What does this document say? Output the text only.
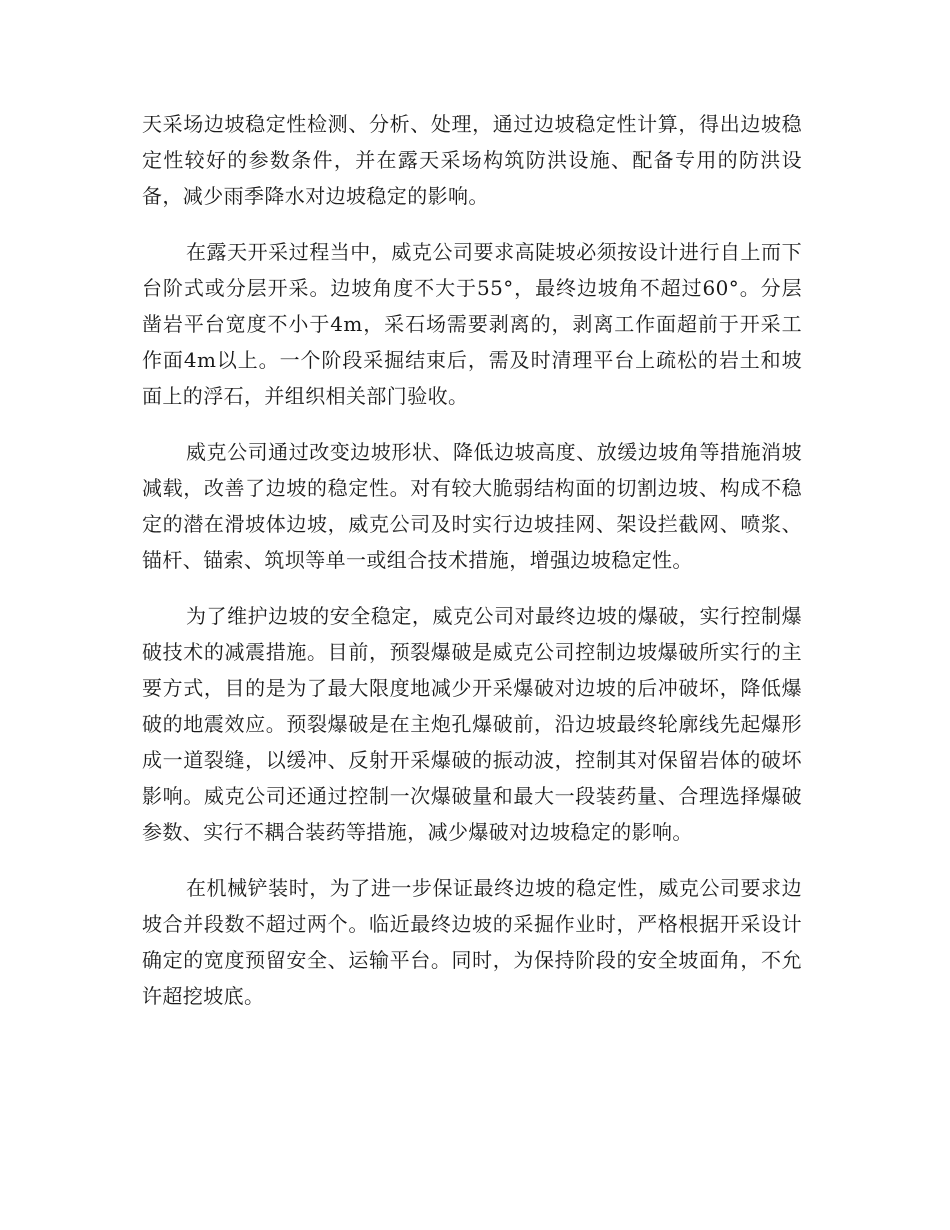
天采场边坡稳定性检测、分析、处理，通过边坡稳定性计算，得出边坡稳定性较好的参数条件，并在露天采场构筑防洪设施、配备专用的防洪设备，减少雨季降水对边坡稳定的影响。

在露天开采过程当中，威克公司要求高陡坡必须按设计进行自上而下台阶式或分层开采。边坡角度不大于55°，最终边坡角不超过60°。分层凿岩平台宽度不小于4m，采石场需要剥离的，剥离工作面超前于开采工作面4m以上。一个阶段采掘结束后，需及时清理平台上疏松的岩土和坡面上的浮石，并组织相关部门验收。

威克公司通过改变边坡形状、降低边坡高度、放缓边坡角等措施消坡减载，改善了边坡的稳定性。对有较大脆弱结构面的切割边坡、构成不稳定的潜在滑坡体边坡，威克公司及时实行边坡挂网、架设拦截网、喷浆、锚杆、锚索、筑坝等单一或组合技术措施，增强边坡稳定性。

为了维护边坡的安全稳定，威克公司对最终边坡的爆破，实行控制爆破技术的减震措施。目前，预裂爆破是威克公司控制边坡爆破所实行的主要方式，目的是为了最大限度地减少开采爆破对边坡的后冲破坏，降低爆破的地震效应。预裂爆破是在主炮孔爆破前，沿边坡最终轮廓线先起爆形成一道裂缝，以缓冲、反射开采爆破的振动波，控制其对保留岩体的破坏影响。威克公司还通过控制一次爆破量和最大一段装药量、合理选择爆破参数、实行不耦合装药等措施，减少爆破对边坡稳定的影响。

在机械铲装时，为了进一步保证最终边坡的稳定性，威克公司要求边坡合并段数不超过两个。临近最终边坡的采掘作业时，严格根据开采设计确定的宽度预留安全、运输平台。同时，为保持阶段的安全坡面角，不允许超挖坡底。
